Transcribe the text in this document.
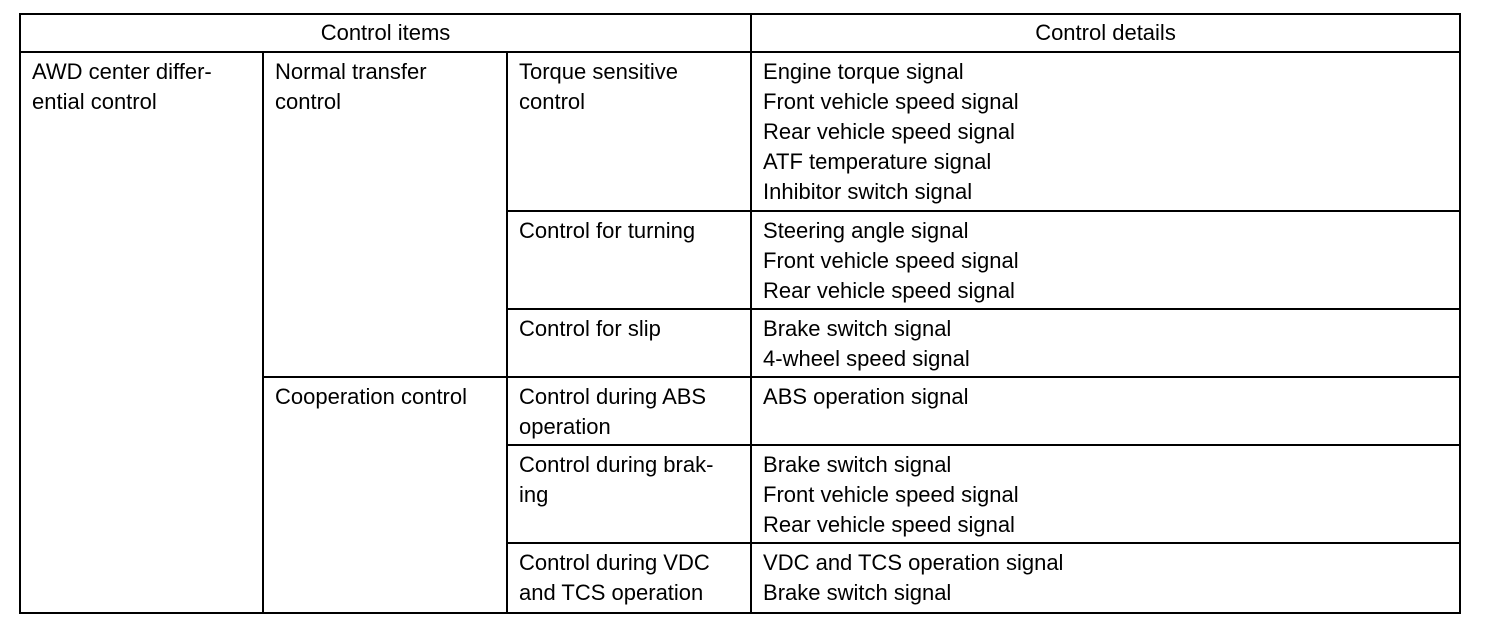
Control items			Control details

AWD center differ-
ential control	Normal transfer
control	Torque sensitive
control	Engine torque signal
Front vehicle speed signal
Rear vehicle speed signal
ATF temperature signal
Inhibitor switch signal

		Control for turning	Steering angle signal
Front vehicle speed signal
Rear vehicle speed signal

		Control for slip	Brake switch signal
4-wheel speed signal

	Cooperation control	Control during ABS
operation	ABS operation signal

		Control during brak-
ing	Brake switch signal
Front vehicle speed signal
Rear vehicle speed signal

		Control during VDC
and TCS operation	VDC and TCS operation signal
Brake switch signal
